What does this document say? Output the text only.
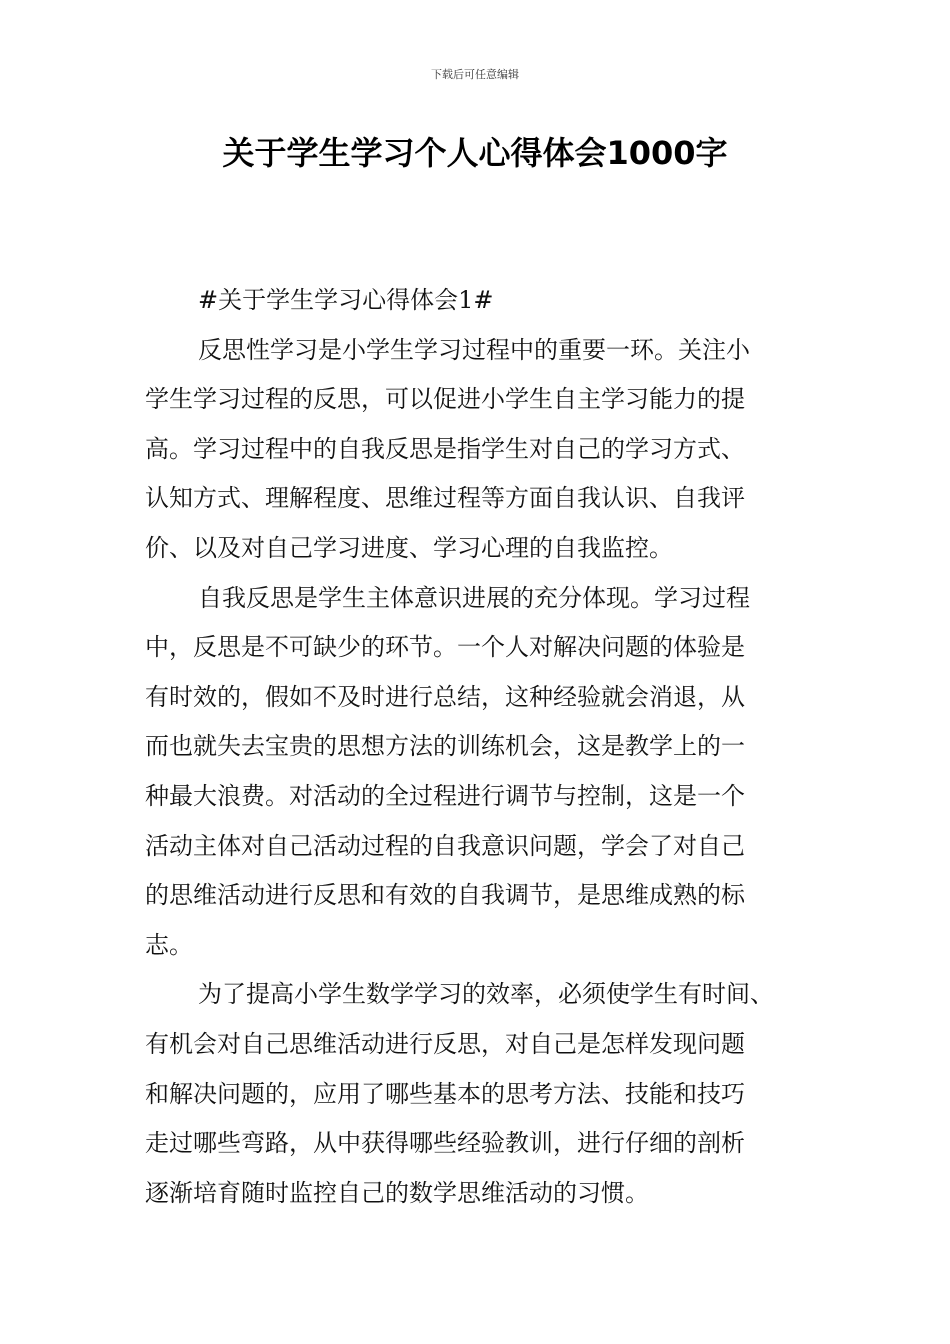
下载后可任意编辑
关于学生学习个人心得体会1000字

#关于学生学习心得体会1#

反思性学习是小学生学习过程中的重要一环。关注小
学生学习过程的反思，可以促进小学生自主学习能力的提
高。学习过程中的自我反思是指学生对自己的学习方式、
认知方式、理解程度、思维过程等方面自我认识、自我评
价、以及对自己学习进度、学习心理的自我监控。
自我反思是学生主体意识进展的充分体现。学习过程
中，反思是不可缺少的环节。一个人对解决问题的体验是
有时效的，假如不及时进行总结，这种经验就会消退，从
而也就失去宝贵的思想方法的训练机会，这是教学上的一
种最大浪费。对活动的全过程进行调节与控制，这是一个
活动主体对自己活动过程的自我意识问题，学会了对自己
的思维活动进行反思和有效的自我调节，是思维成熟的标
志。
为了提高小学生数学学习的效率，必须使学生有时间、
有机会对自己思维活动进行反思，对自己是怎样发现问题
和解决问题的，应用了哪些基本的思考方法、技能和技巧
走过哪些弯路，从中获得哪些经验教训，进行仔细的剖析
逐渐培育随时监控自己的数学思维活动的习惯。
